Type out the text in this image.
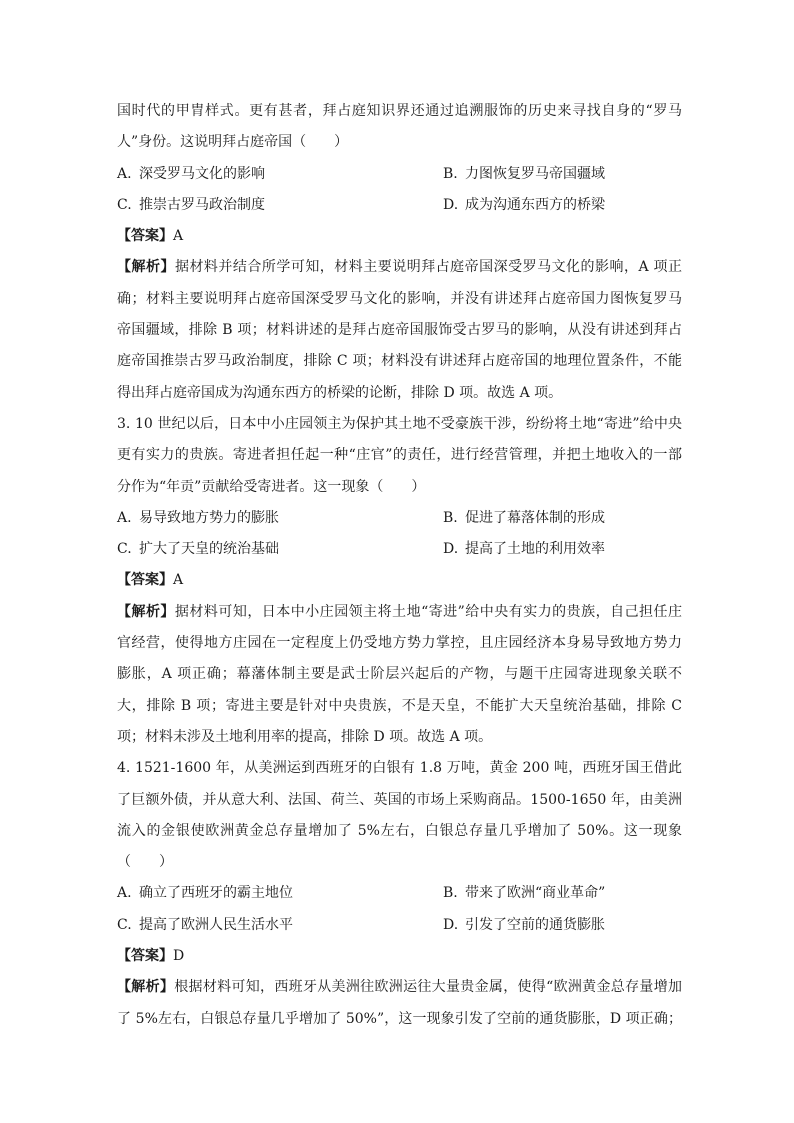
国时代的甲胄样式。更有甚者，拜占庭知识界还通过追溯服饰的历史来寻找自身的“罗马
人”身份。这说明拜占庭帝国（　　）
A. 深受罗马文化的影响	B. 力图恢复罗马帝国疆域
C. 推崇古罗马政治制度	D. 成为沟通东西方的桥梁
【答案】A
【解析】据材料并结合所学可知，材料主要说明拜占庭帝国深受罗马文化的影响，A 项正
确；材料主要说明拜占庭帝国深受罗马文化的影响，并没有讲述拜占庭帝国力图恢复罗马
帝国疆域，排除 B 项；材料讲述的是拜占庭帝国服饰受古罗马的影响，从没有讲述到拜占
庭帝国推崇古罗马政治制度，排除 C 项；材料没有讲述拜占庭帝国的地理位置条件，不能
得出拜占庭帝国成为沟通东西方的桥梁的论断，排除 D 项。故选 A 项。
3. 10 世纪以后，日本中小庄园领主为保护其土地不受豪族干涉，纷纷将土地“寄进”给中央
更有实力的贵族。寄进者担任起一种“庄官”的责任，进行经营管理，并把土地收入的一部
分作为“年贡”贡献给受寄进者。这一现象（　　）
A. 易导致地方势力的膨胀	B. 促进了幕落体制的形成
C. 扩大了天皇的统治基础	D. 提高了土地的利用效率
【答案】A
【解析】据材料可知，日本中小庄园领主将土地“寄进”给中央有实力的贵族，自己担任庄
官经营，使得地方庄园在一定程度上仍受地方势力掌控，且庄园经济本身易导致地方势力
膨胀，A 项正确；幕藩体制主要是武士阶层兴起后的产物，与题干庄园寄进现象关联不
大，排除 B 项；寄进主要是针对中央贵族，不是天皇，不能扩大天皇统治基础，排除 C
项；材料未涉及土地利用率的提高，排除 D 项。故选 A 项。
4. 1521-1600 年，从美洲运到西班牙的白银有 1.8 万吨，黄金 200 吨，西班牙国王借此
了巨额外债，并从意大利、法国、荷兰、英国的市场上采购商品。1500-1650 年，由美洲
流入的金银使欧洲黄金总存量增加了 5%左右，白银总存量几乎增加了 50%。这一现象
（　　）
A. 确立了西班牙的霸主地位	B. 带来了欧洲“商业革命”
C. 提高了欧洲人民生活水平	D. 引发了空前的通货膨胀
【答案】D
【解析】根据材料可知，西班牙从美洲往欧洲运往大量贵金属，使得“欧洲黄金总存量增加
了 5%左右，白银总存量几乎增加了 50%”，这一现象引发了空前的通货膨胀，D 项正确；
